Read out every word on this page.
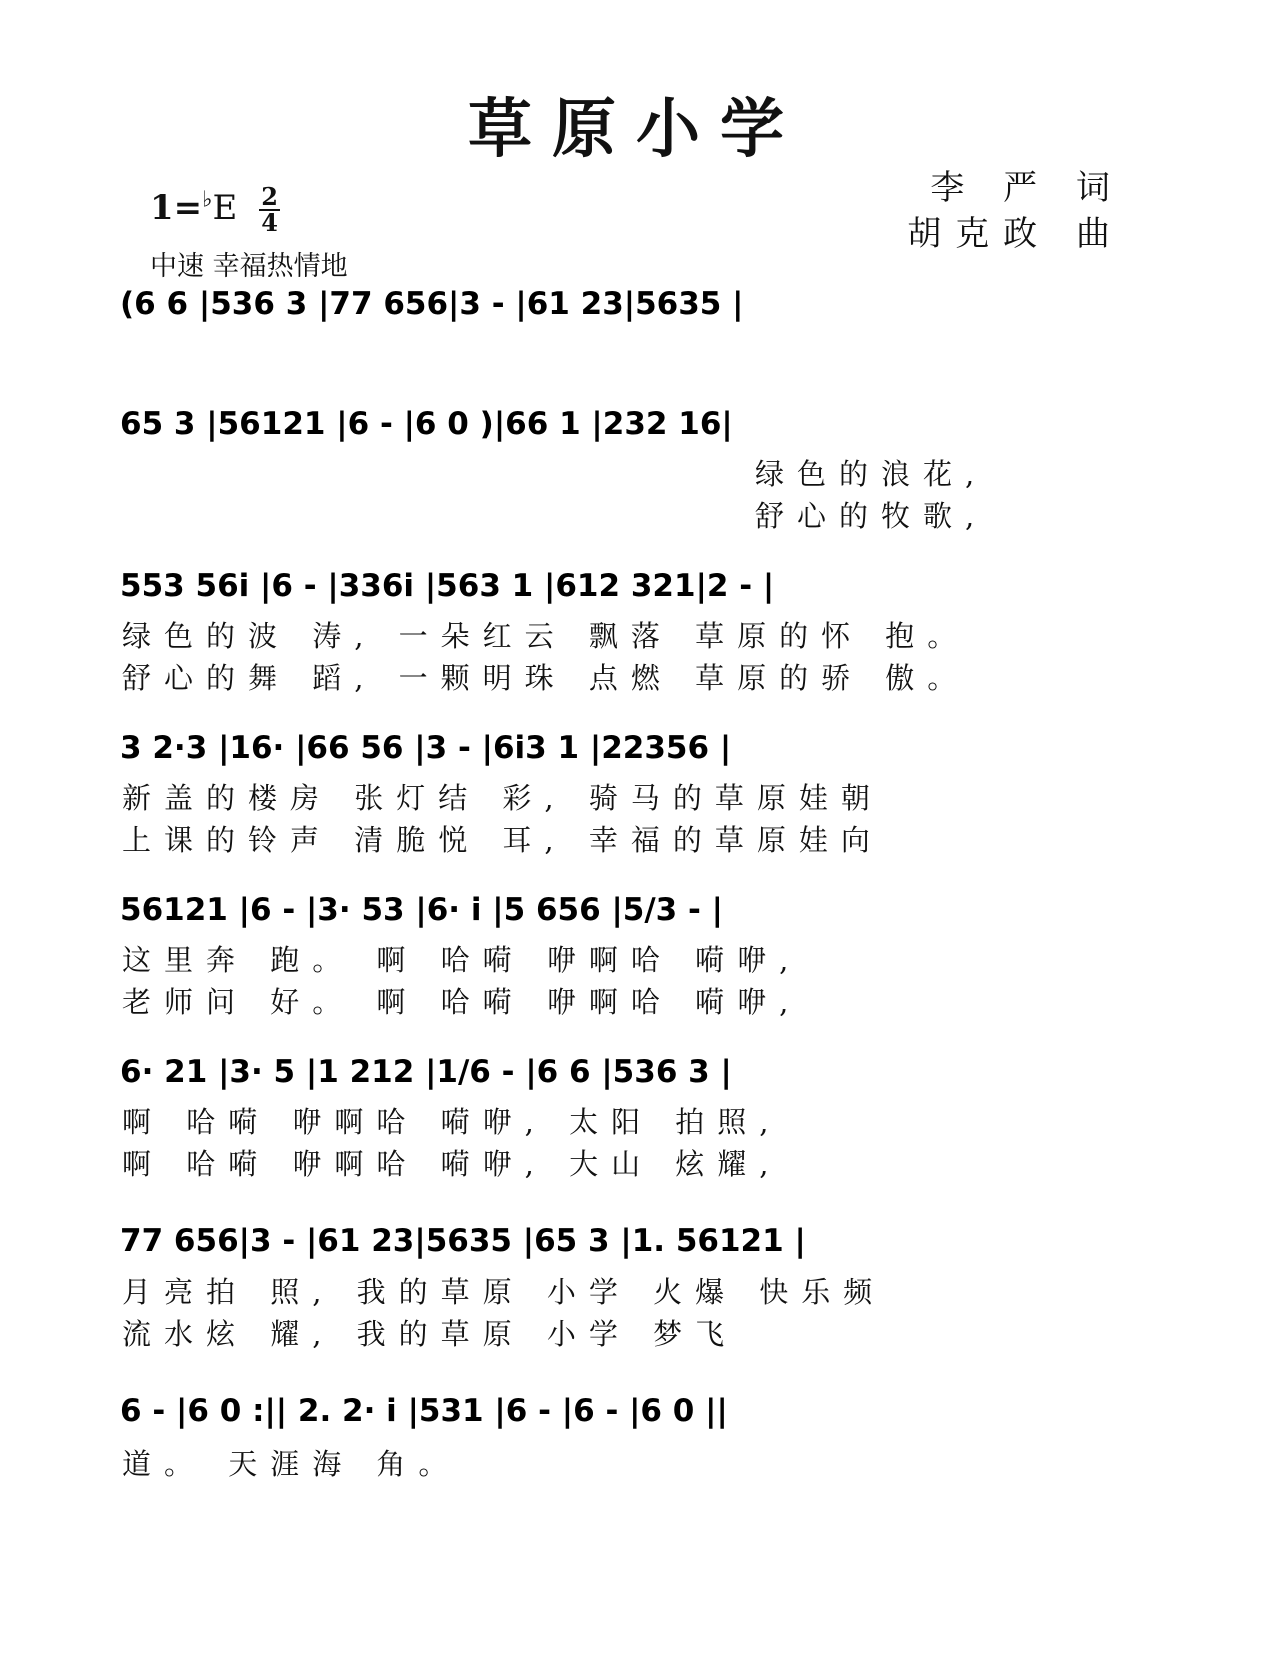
草原小学
李 严 词
胡克政 曲
$1=^♭E \frac{2}{4}$
中速 幸福热情地
(6 6 |536 3 |77 656|3 - |61 23|5635 |
65 3 |56121 |6 - |6 0 )|66 1 |232 16|
绿色的浪花,
舒心的牧歌,
553 56i |6 - |336i |563 1 |612 321|2 - |
绿色的波 涛, 一朵红云 飘落 草原的怀 抱。
舒心的舞 蹈, 一颗明珠 点燃 草原的骄 傲。
3 2·3 |16· |66 56 |3 - |6i3 1 |22356 |
新盖的楼房 张灯结 彩, 骑马的草原娃朝
上课的铃声 清脆悦 耳, 幸福的草原娃向
56121 |6 - |3· 53 |6· i |5 656 |5/3 - |
这里奔 跑。 啊 哈嗬 咿啊哈 嗬咿,
老师问 好。 啊 哈嗬 咿啊哈 嗬咿,
6· 21 |3· 5 |1 212 |1/6 - |6 6 |536 3 |
啊 哈嗬 咿啊哈 嗬咿, 太阳 拍照,
啊 哈嗬 咿啊哈 嗬咿, 大山 炫耀,
77 656|3 - |61 23|5635 |65 3 |1. 56121 |
月亮拍 照, 我的草原 小学 火爆 快乐频
流水炫 耀, 我的草原 小学 梦飞
6 - |6 0 :|| 2. 2· i |531 |6 - |6 - |6 0 ||
道。 天涯海 角。
